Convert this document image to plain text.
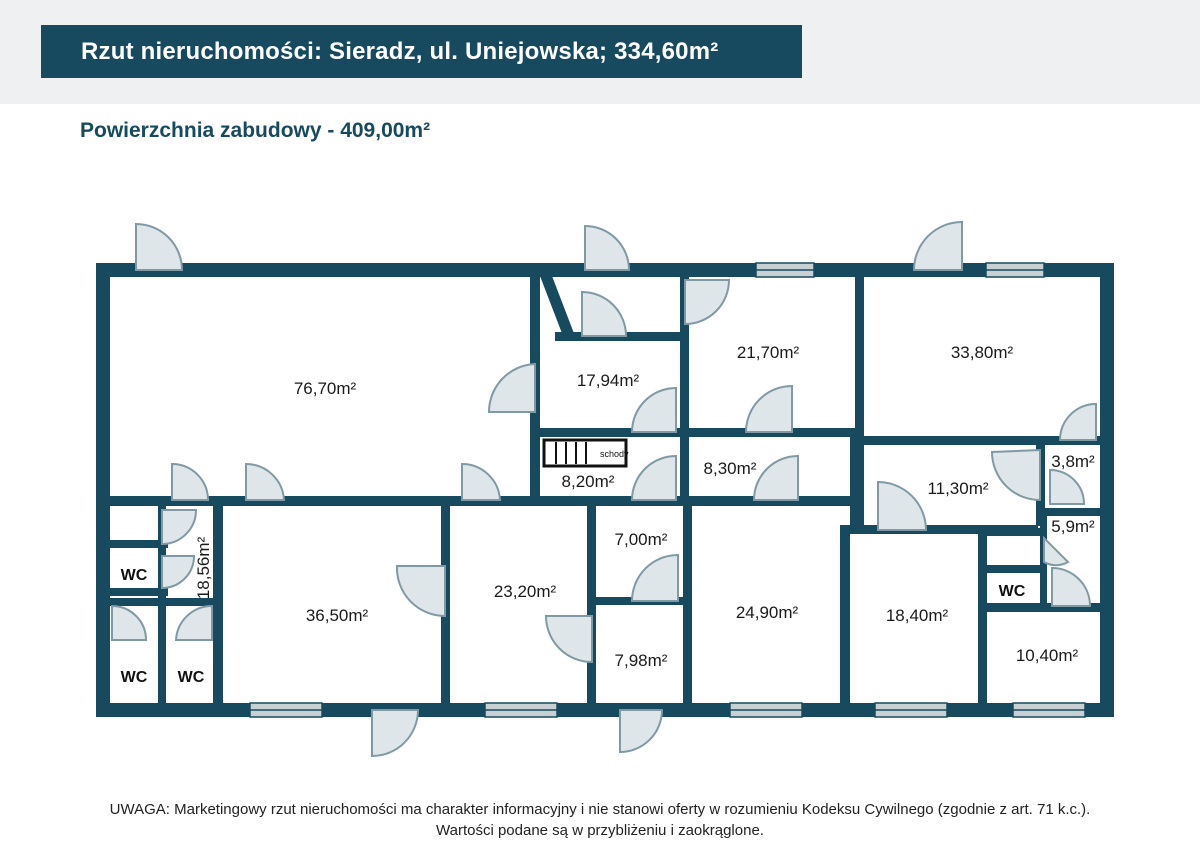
Rzut nieruchomości: Sieradz, ul. Uniejowska; 334,60m²
Powierzchnia zabudowy - 409,00m²
schody
76,70m²	17,94m²
21,70m²	33,80m²
8,20m²
8,30m²
11,30m²
3,8m²
5,9m²
18,56m²
36,50m²
23,20m²
7,00m²
7,98m²
24,90m²	18,40m²
10,40m²
WC
WC WC
WC
UWAGA: Marketingowy rzut nieruchomości ma charakter informacyjny i nie stanowi oferty w rozumieniu Kodeksu Cywilnego (zgodnie z art. 71 k.c.).
Wartości podane są w przybliżeniu i zaokrąglone.
